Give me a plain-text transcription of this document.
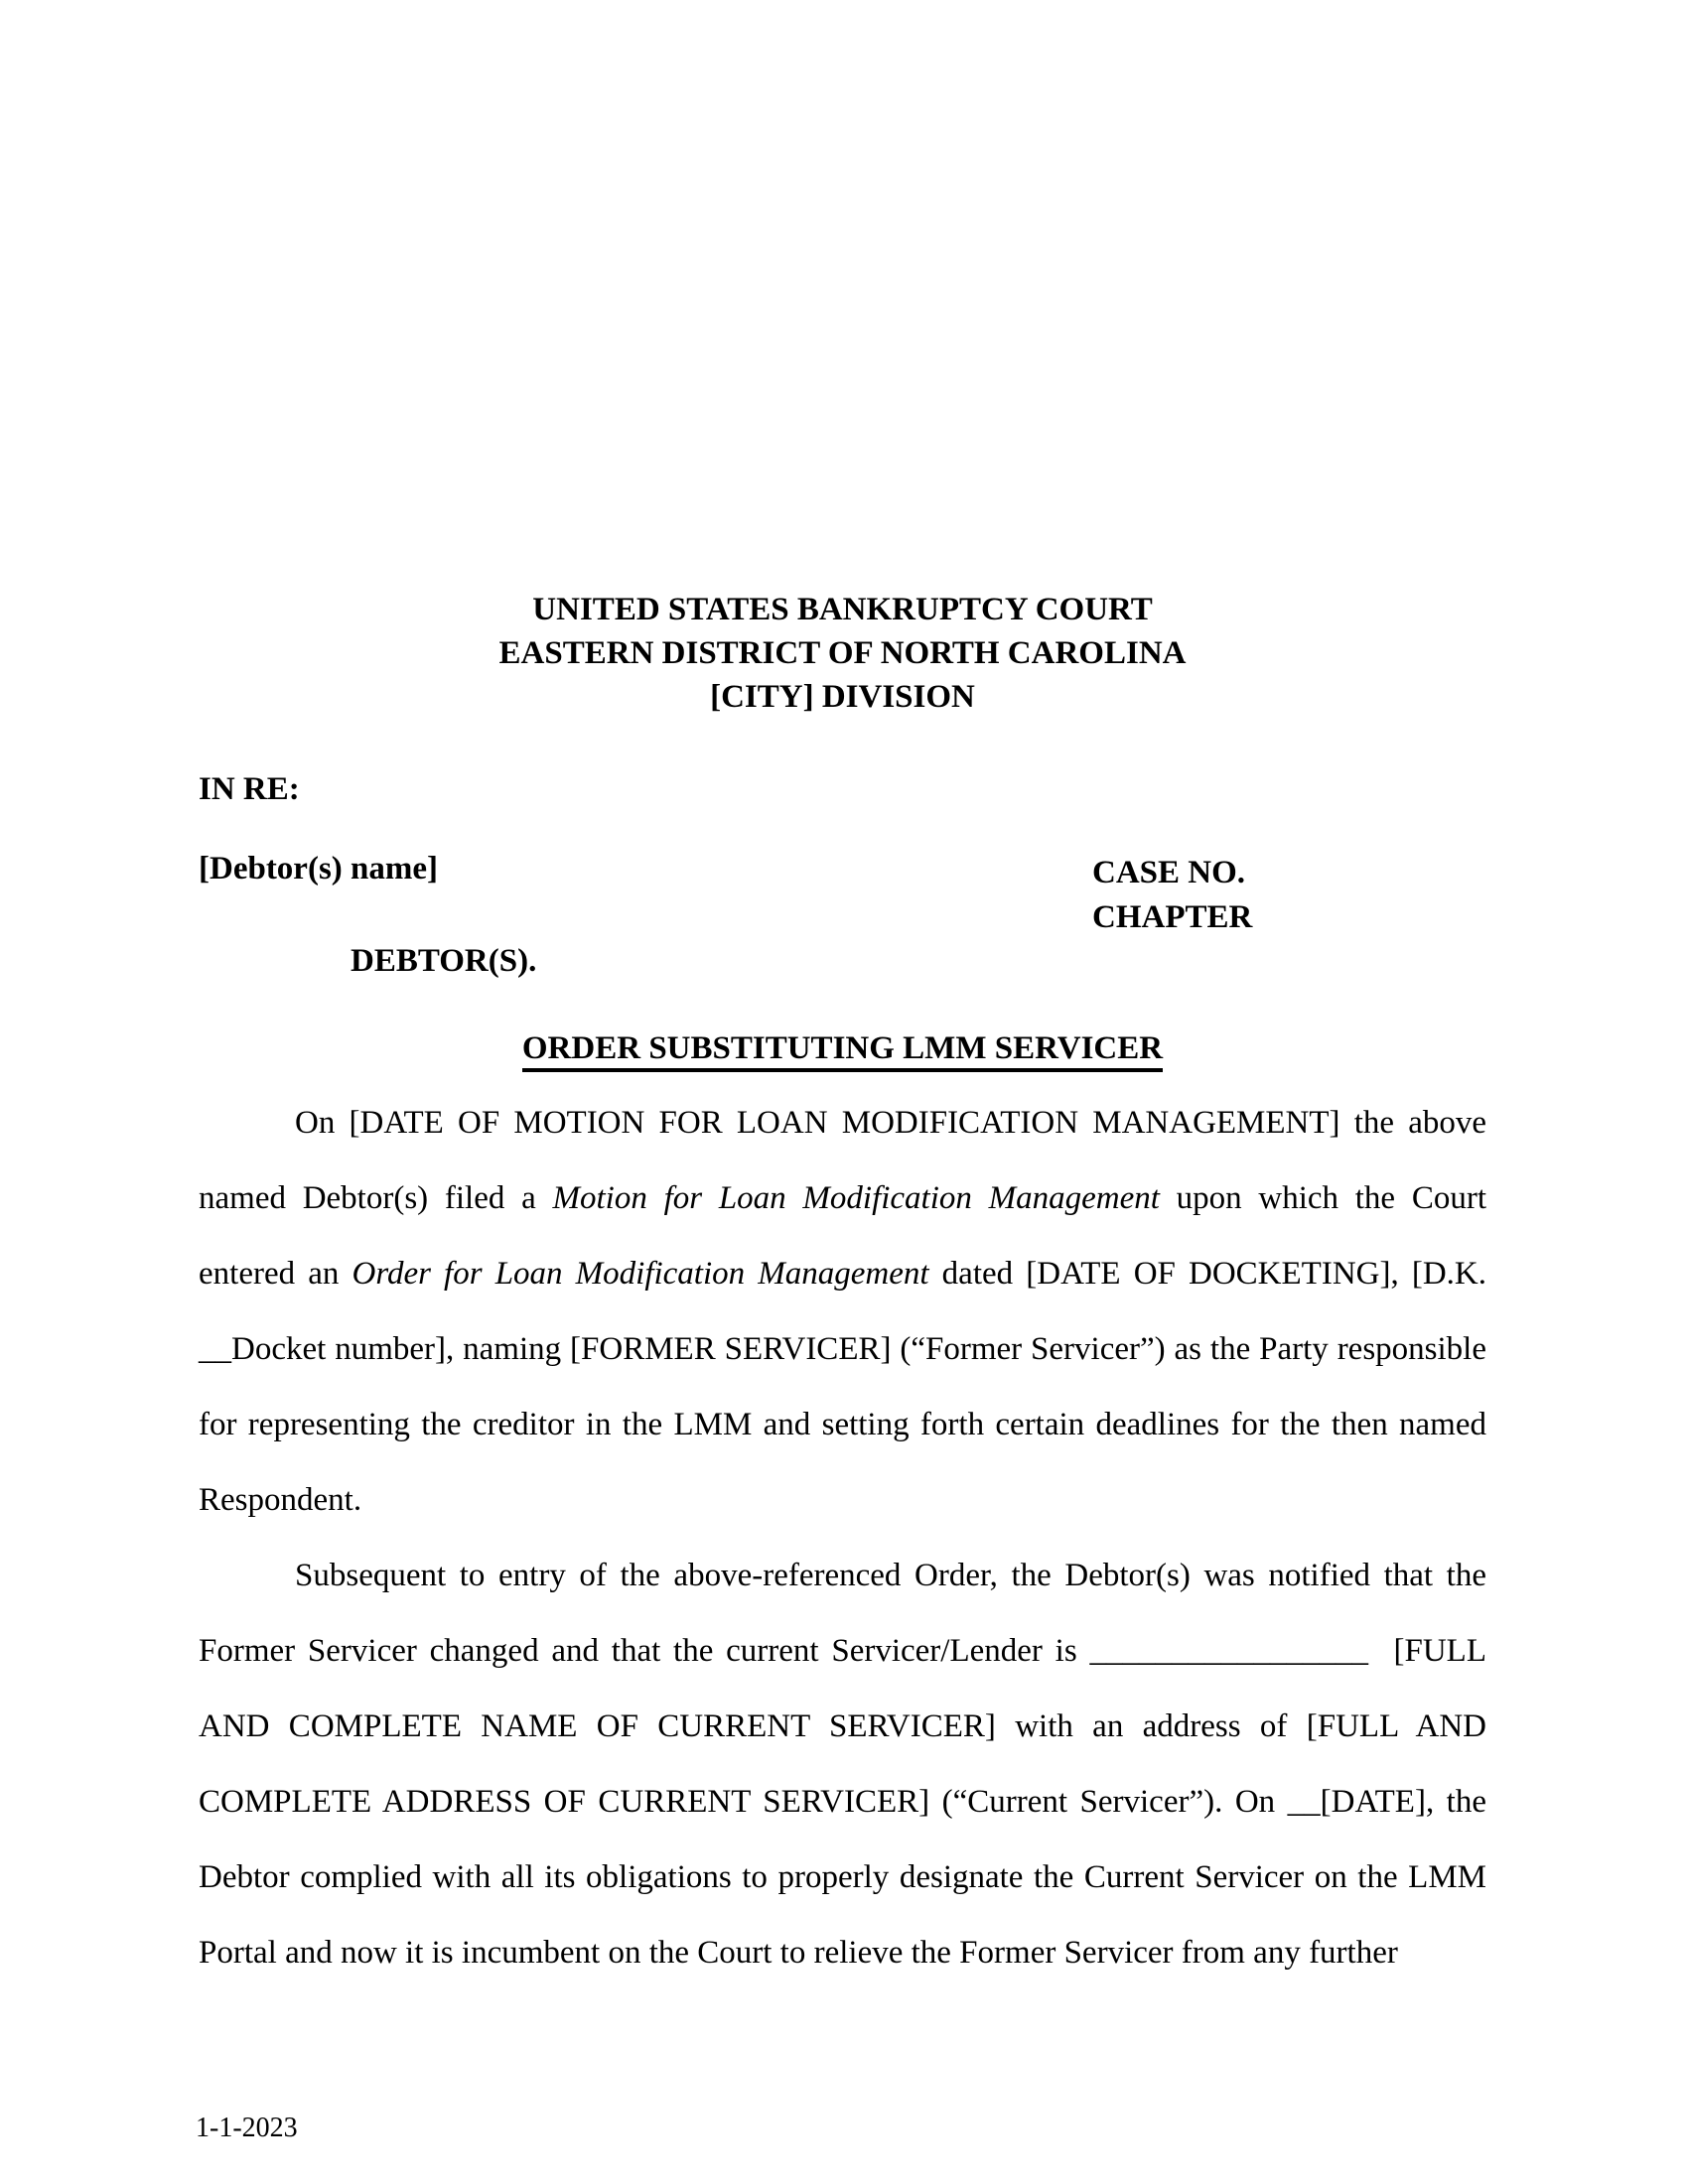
UNITED STATES BANKRUPTCY COURT
EASTERN DISTRICT OF NORTH CAROLINA
[CITY] DIVISION
IN RE:
[Debtor(s) name]	CASE NO.
CHAPTER
DEBTOR(S).
ORDER SUBSTITUTING LMM SERVICER

On [DATE OF MOTION FOR LOAN MODIFICATION MANAGEMENT] the above named Debtor(s) filed a Motion for Loan Modification Management upon which the Court entered an Order for Loan Modification Management dated [DATE OF DOCKETING], [D.K. __Docket number], naming [FORMER SERVICER] (“Former Servicer”) as the Party responsible for representing the creditor in the LMM and setting forth certain deadlines for the then named Respondent.

Subsequent to entry of the above-referenced Order, the Debtor(s) was notified that the Former Servicer changed and that the current Servicer/Lender is _________________  [FULL AND COMPLETE NAME OF CURRENT SERVICER] with an address of [FULL AND COMPLETE ADDRESS OF CURRENT SERVICER] (“Current Servicer”). On __[DATE], the Debtor complied with all its obligations to properly designate the Current Servicer on the LMM Portal and now it is incumbent on the Court to relieve the Former Servicer from any further

1-1-2023
